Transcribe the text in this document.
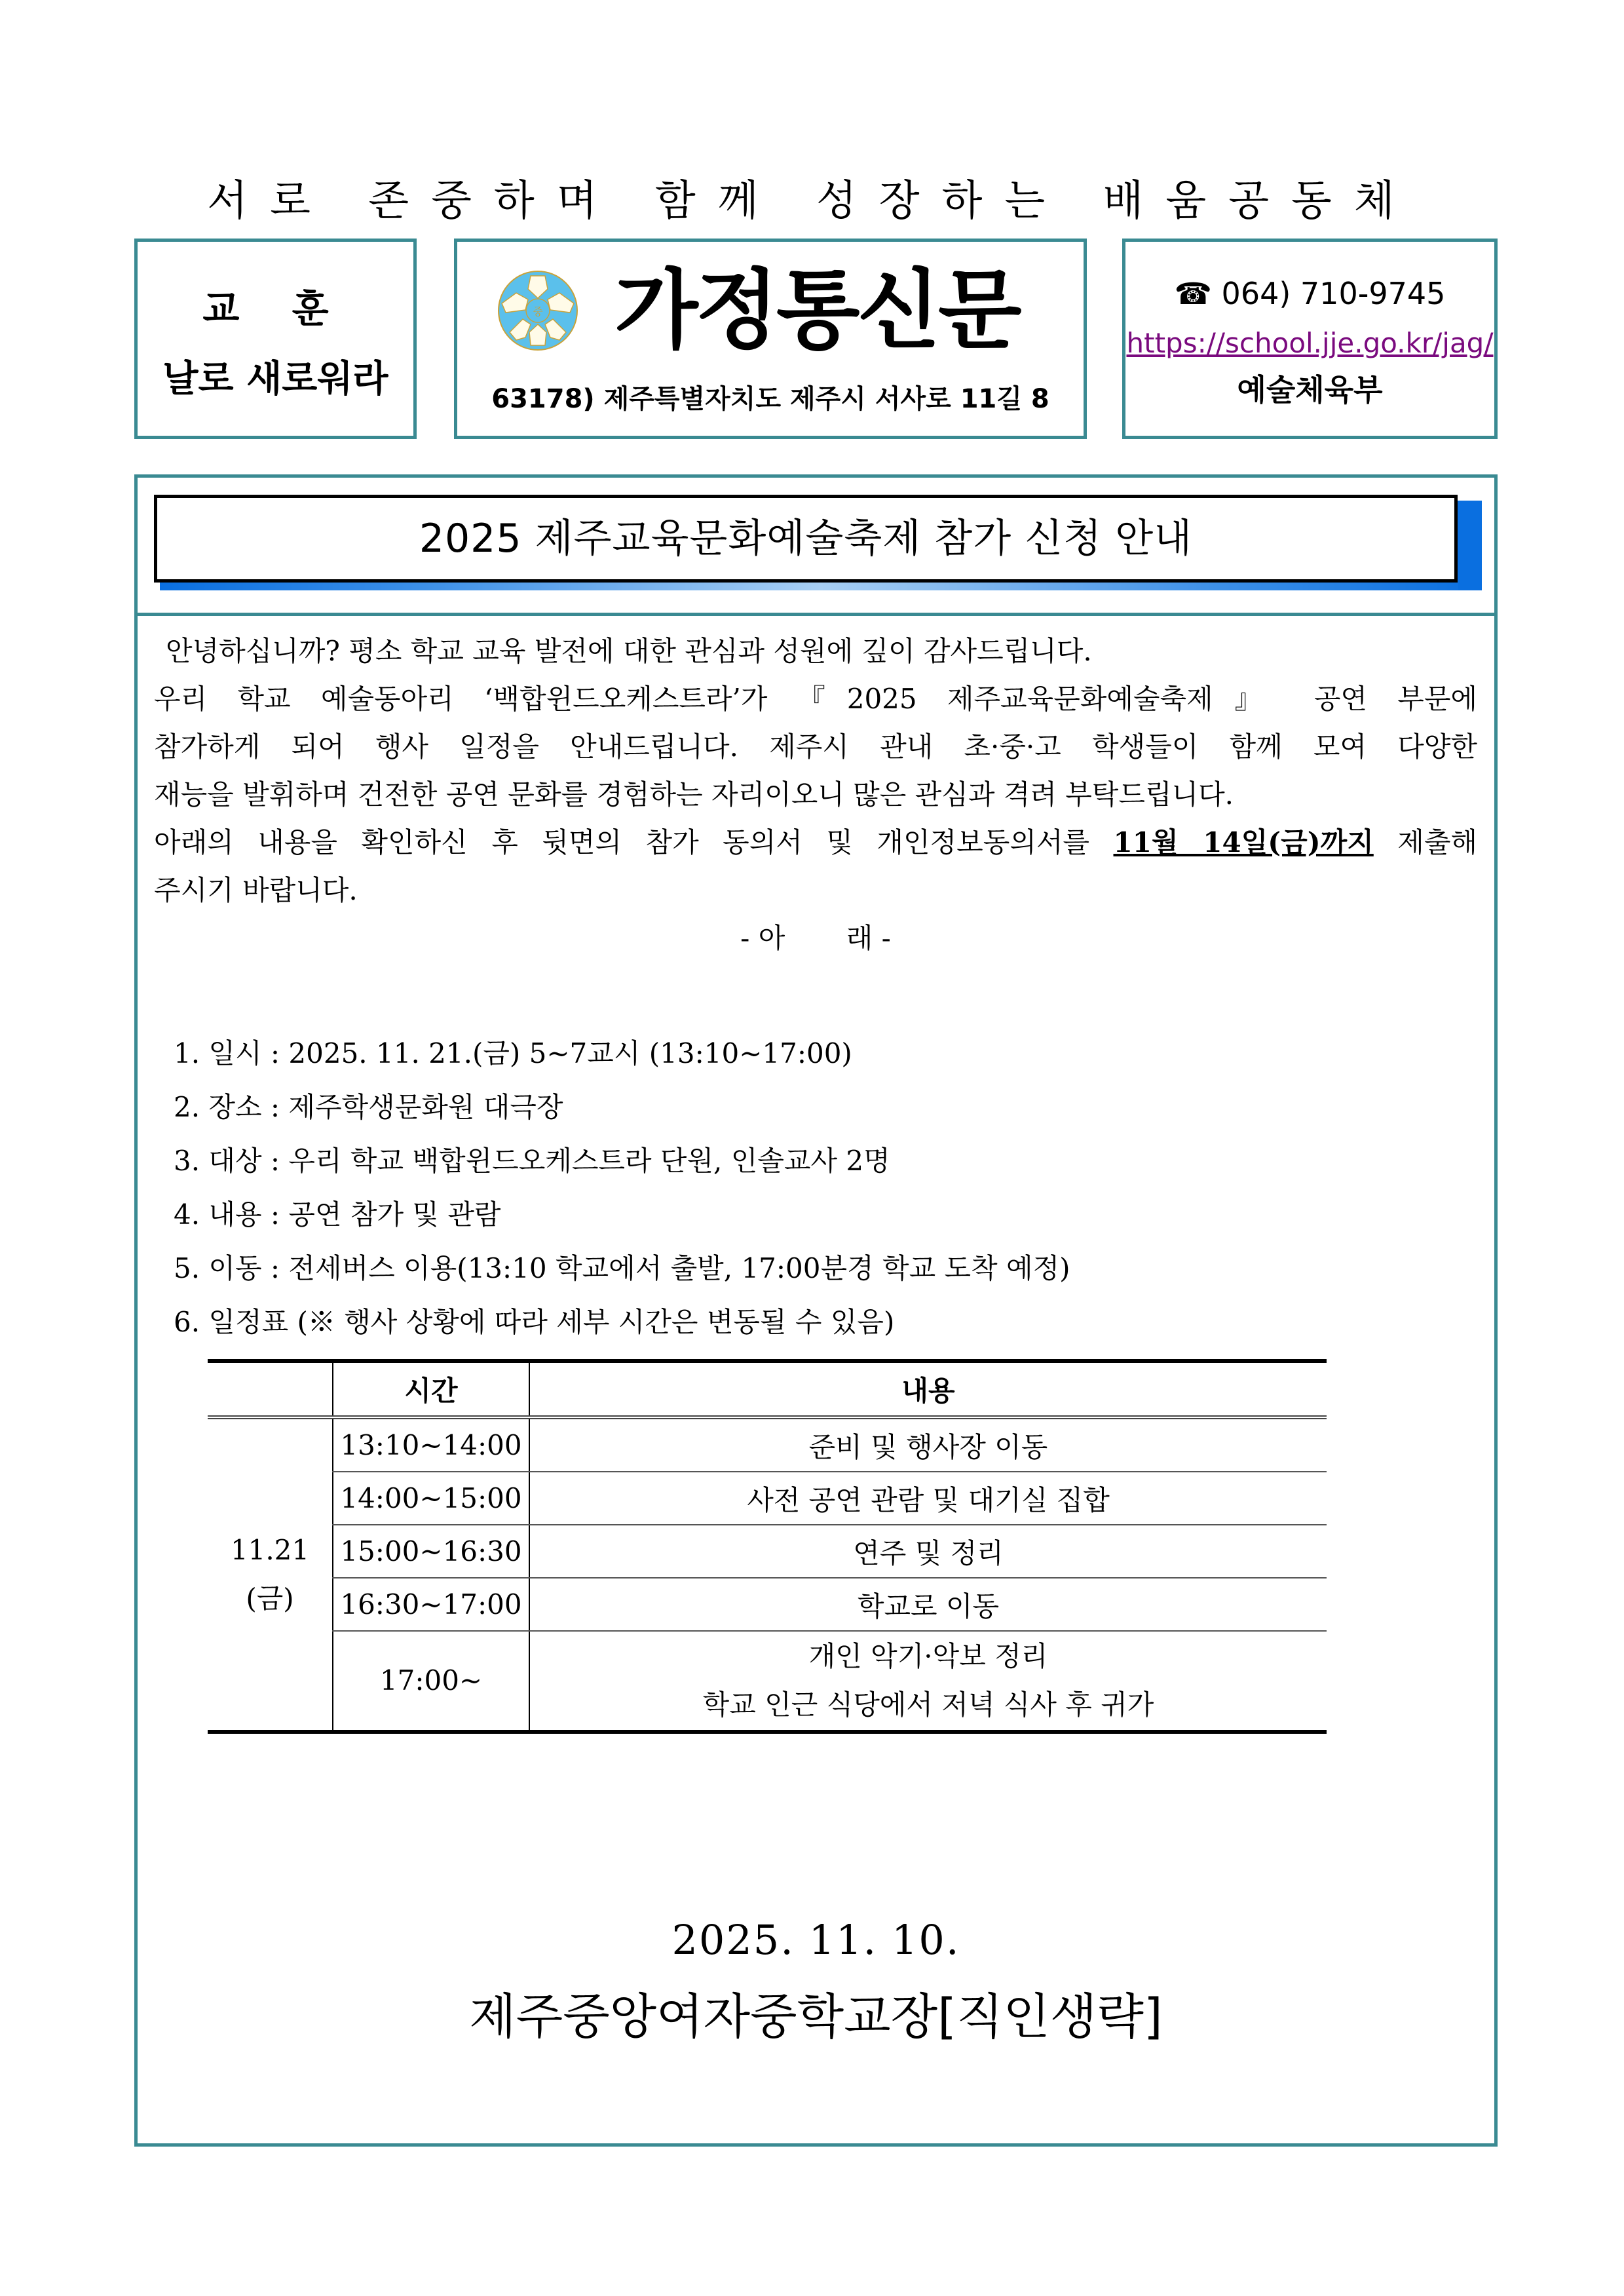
서로 존중하며 함께 성장하는 배움공동체
교 훈
날로 새로워라
중 가정통신문
63178) 제주특별자치도 제주시 서사로 11길 8
☎ 064) 710-9745
https://school.jje.go.kr/jag/
예술체육부
2025 제주교육문화예술축제 참가 신청 안내

안녕하십니까? 평소 학교 교육 발전에 대한 관심과 성원에 깊이 감사드립니다.

우리 학교 예술동아리 ‘백합윈드오케스트라’가 『2025 제주교육문화예술축제』 공연 부문에

참가하게 되어 행사 일정을 안내드립니다. 제주시 관내 초·중·고 학생들이 함께 모여 다양한

재능을 발휘하며 건전한 공연 문화를 경험하는 자리이오니 많은 관심과 격려 부탁드립니다.

아래의 내용을 확인하신 후 뒷면의 참가 동의서 및 개인정보동의서를 11월 14일(금)까지 제출해

주시기 바랍니다.

- 아       래 -

1. 일시 : 2025. 11. 21.(금) 5~7교시 (13:10~17:00)
2. 장소 : 제주학생문화원 대극장
3. 대상 : 우리 학교 백합윈드오케스트라 단원, 인솔교사 2명
4. 내용 : 공연 참가 및 관람
5. 이동 : 전세버스 이용(13:10 학교에서 출발, 17:00분경 학교 도착 예정)
6. 일정표 (※ 행사 상황에 따라 세부 시간은 변동될 수 있음)
	시간	내용

11.21
(금)	13:10~14:00	준비 및 행사장 이동
	14:00~15:00	사전 공연 관람 및 대기실 집합
	15:00~16:30	연주 및 정리
	16:30~17:00	학교로 이동
	17:00~	개인 악기·악보 정리
학교 인근 식당에서 저녁 식사 후 귀가
2025. 11. 10.
제주중앙여자중학교장[직인생략]
